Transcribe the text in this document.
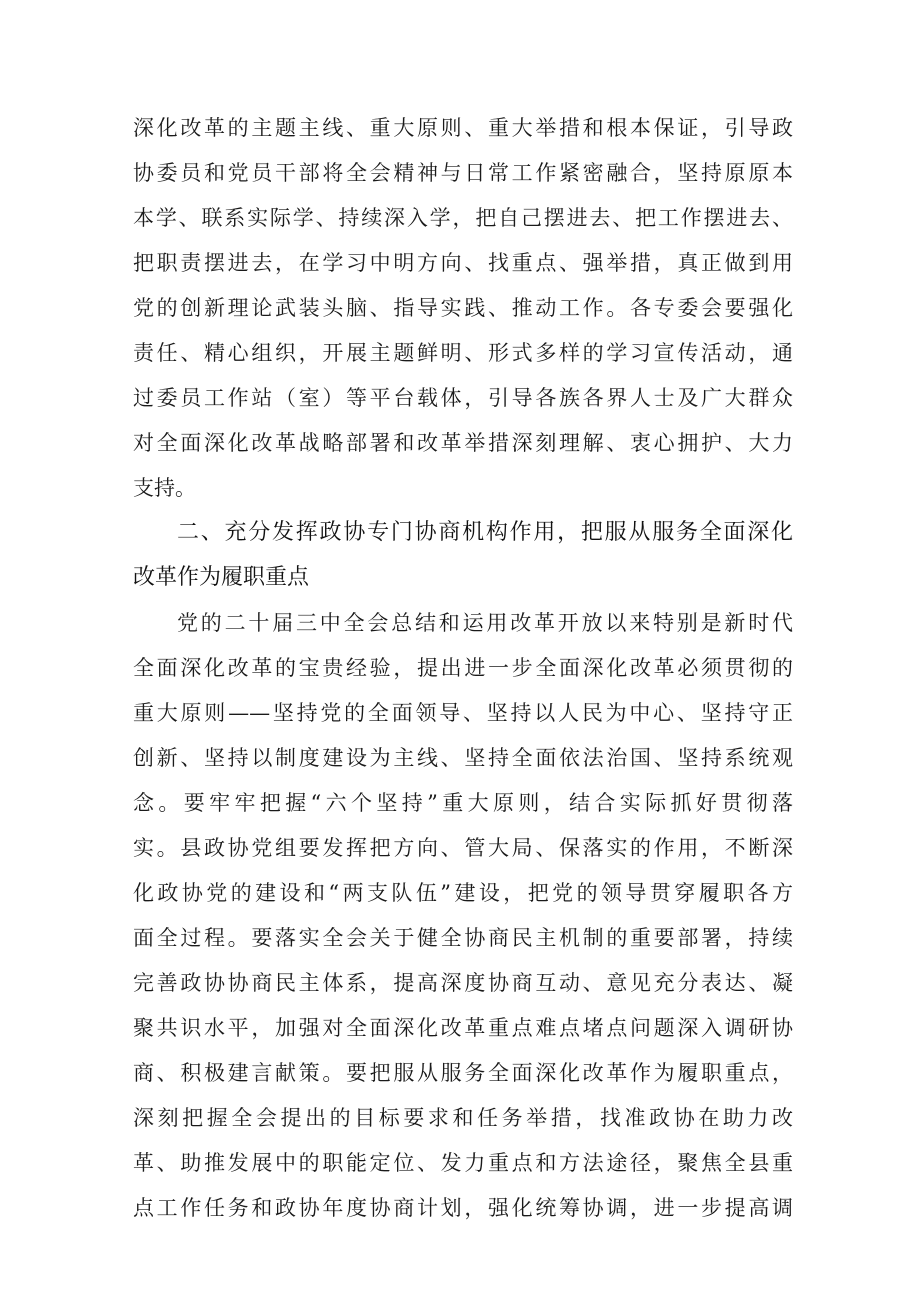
深化改革的主题主线、重大原则、重大举措和根本保证，引导政
协委员和党员干部将全会精神与日常工作紧密融合，坚持原原本
本学、联系实际学、持续深入学，把自己摆进去、把工作摆进去、
把职责摆进去，在学习中明方向、找重点、强举措，真正做到用
党的创新理论武装头脑、指导实践、推动工作。各专委会要强化
责任、精心组织，开展主题鲜明、形式多样的学习宣传活动，通
过委员工作站（室）等平台载体，引导各族各界人士及广大群众
对全面深化改革战略部署和改革举措深刻理解、衷心拥护、大力
支持。
二、充分发挥政协专门协商机构作用，把服从服务全面深化
改革作为履职重点
党的二十届三中全会总结和运用改革开放以来特别是新时代
全面深化改革的宝贵经验，提出进一步全面深化改革必须贯彻的
重大原则——坚持党的全面领导、坚持以人民为中心、坚持守正
创新、坚持以制度建设为主线、坚持全面依法治国、坚持系统观
念。要牢牢把握“六个坚持”重大原则，结合实际抓好贯彻落
实。县政协党组要发挥把方向、管大局、保落实的作用，不断深
化政协党的建设和“两支队伍”建设，把党的领导贯穿履职各方
面全过程。要落实全会关于健全协商民主机制的重要部署，持续
完善政协协商民主体系，提高深度协商互动、意见充分表达、凝
聚共识水平，加强对全面深化改革重点难点堵点问题深入调研协
商、积极建言献策。要把服从服务全面深化改革作为履职重点，
深刻把握全会提出的目标要求和任务举措，找准政协在助力改
革、助推发展中的职能定位、发力重点和方法途径，聚焦全县重
点工作任务和政协年度协商计划，强化统筹协调，进一步提高调
